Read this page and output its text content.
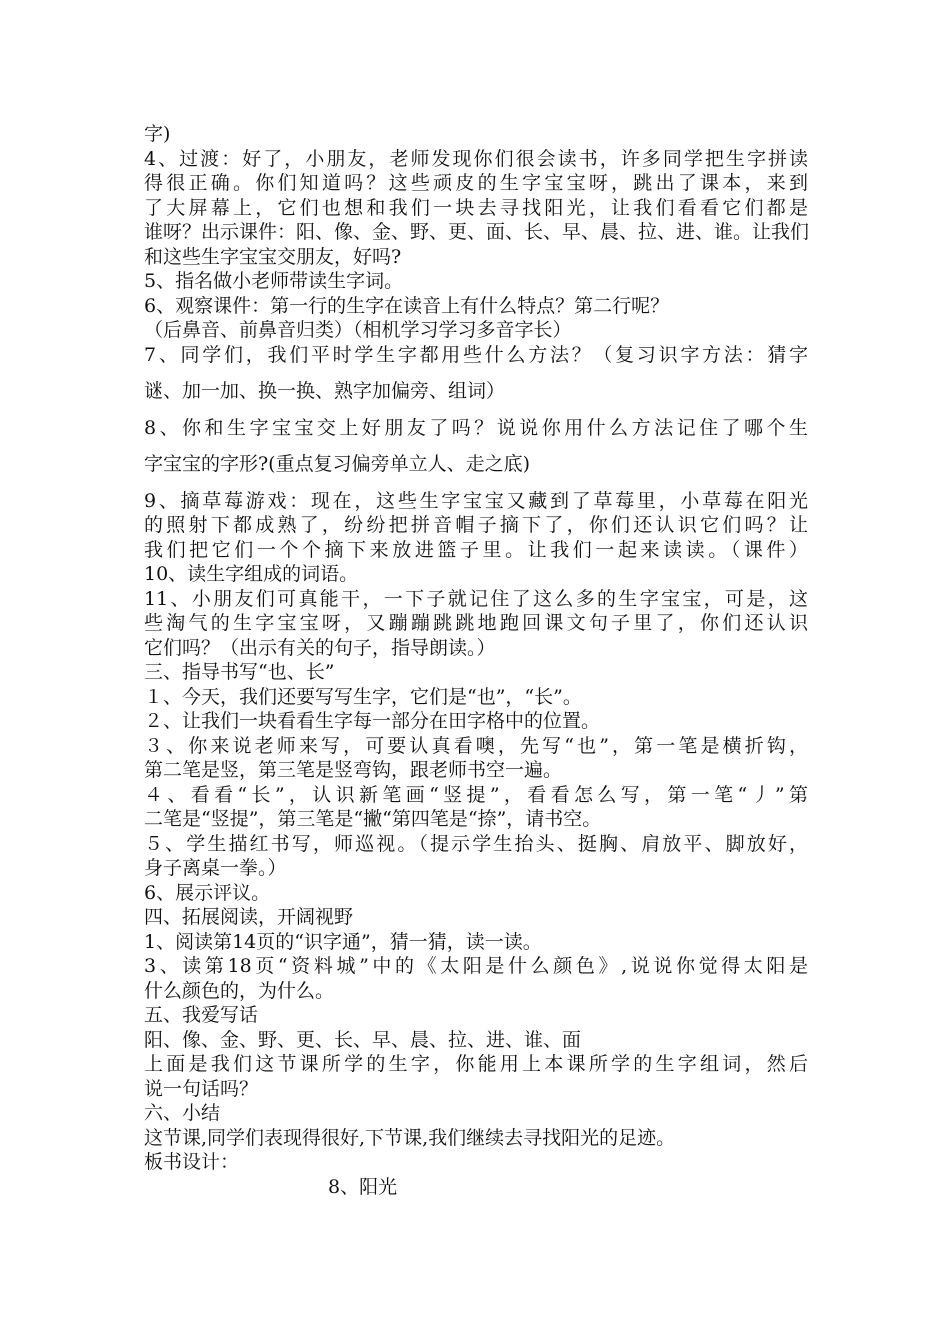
字)
4、过渡：好了，小朋友，老师发现你们很会读书，许多同学把生字拼读
得很正确。你们知道吗？这些顽皮的生字宝宝呀，跳出了课本，来到
了大屏幕上，它们也想和我们一块去寻找阳光，让我们看看它们都是
谁呀？出示课件：阳、像、金、野、更、面、长、早、晨、拉、进、谁。让我们
和这些生字宝宝交朋友，好吗?
5、指名做小老师带读生字词。
6、观察课件：第一行的生字在读音上有什么特点？第二行呢？
（后鼻音、前鼻音归类）（相机学习学习多音字长）
7、同学们，我们平时学生字都用些什么方法？（复习识字方法：猜字
谜、加一加、换一换、熟字加偏旁、组词）
8、你和生字宝宝交上好朋友了吗？说说你用什么方法记住了哪个生
字宝宝的字形?(重点复习偏旁单立人、走之底)
9、摘草莓游戏：现在，这些生字宝宝又藏到了草莓里，小草莓在阳光
的照射下都成熟了，纷纷把拼音帽子摘下了，你们还认识它们吗？让
我们把它们一个个摘下来放进篮子里。让我们一起来读读。（课件）
10、读生字组成的词语。
11、小朋友们可真能干，一下子就记住了这么多的生字宝宝，可是，这
些淘气的生字宝宝呀，又蹦蹦跳跳地跑回课文句子里了，你们还认识
它们吗？（出示有关的句子，指导朗读。）
三、指导书写“也、长”
１、今天，我们还要写写生字，它们是“也”，“长”。
２、让我们一块看看生字每一部分在田字格中的位置。
３、你来说老师来写，可要认真看噢，先写“也”，第一笔是横折钩，
第二笔是竖，第三笔是竖弯钩，跟老师书空一遍。
４、看看“长”，认识新笔画“竖提”，看看怎么写，第一笔“丿”第
二笔是“竖提”，第三笔是“撇“第四笔是“捺”，请书空。
５、学生描红书写，师巡视。（提示学生抬头、挺胸、肩放平、脚放好，
身子离桌一拳。）
6、展示评议。
四、拓展阅读，开阔视野
1、阅读第14页的“识字通”，猜一猜，读一读。
3、读第18页“资料城”中的《太阳是什么颜色》,说说你觉得太阳是
什么颜色的，为什么。
五、我爱写话
阳、像、金、野、更、长、早、晨、拉、进、谁、面
上面是我们这节课所学的生字，你能用上本课所学的生字组词，然后
说一句话吗？
六、小结
这节课,同学们表现得很好,下节课,我们继续去寻找阳光的足迹。
板书设计：
8、阳光
